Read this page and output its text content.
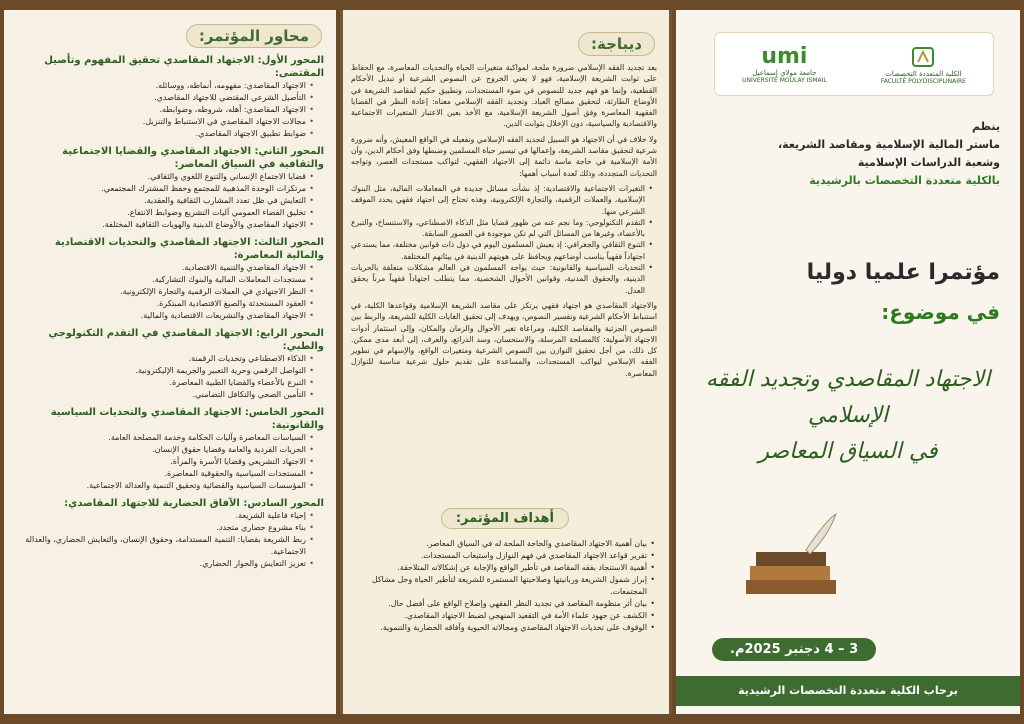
الكلية المتعددة التخصصات
FACULTÉ POLYDISCIPLINAIRE
umi
جامعة مولاي إسماعيل
UNIVERSITÉ MOULAY ISMAIL

ينظم

ماستر المالية الإسلامية ومقاصد الشريعة،

وشعبة الدراسات الإسلامية

بالكلية متعددة التخصصات بالرشيدية

مؤتمرا علميا دوليا
في موضوع:
الاجتهاد المقاصدي وتجديد الفقه الإسلامي
في السياق المعاصر
3 – 4 دجنبر 2025م.
برحاب الكلية متعددة التخصصات الرشيدية
ديباجة:

يعد تجديد الفقه الإسلامي ضرورة ملحة، لمواكبة متغيرات الحياة والتحديات المعاصرة، مع الحفاظ على ثوابت الشريعة الإسلامية، فهو لا يعني الخروج عن النصوص الشرعية أو تبديل الأحكام القطعية، وإنما هو فهم جديد للنصوص في ضوء المستجدات، وتطبيق حكيم لمقاصد الشريعة في الأوضاع الطارئة، لتحقيق مصالح العباد. وتجديد الفقه الإسلامي معناه: إعادة النظر في القضايا الفقهية المعاصرة وفق أصول الشريعة الإسلامية، مع الأخذ بعين الاعتبار المتغيرات الاجتماعية والاقتصادية والسياسية، دون الإخلال بثوابت الدين.

ولا خلاف في أن الاجتهاد هو السبيل لتجديد الفقه الإسلامي وتفعيله في الواقع المعيش، وأنه ضرورة شرعية لتحقيق مقاصد الشريعة، وإعمالها في تيسير حياة المسلمين وضبطها وفق أحكام الدين، وأن الأمة الإسلامية في حاجة ماسة دائمة إلى الاجتهاد الفقهي، لتواكب مستجدات العصر، وتواجه التحديات المتجددة، وذلك لعدة أسباب أهمها:

• التغيرات الاجتماعية والاقتصادية: إذ نشأت مسائل جديدة في المعاملات المالية، مثل البنوك الإسلامية، والعملات الرقمية، والتجارة الإلكترونية، وهذه تحتاج إلى اجتهاد فقهي يحدد الموقف الشرعي منها.
• التقدم التكنولوجي: وما نجم عنه من ظهور قضايا مثل الذكاء الاصطناعي، والاستنساخ، والتبرع بالأعضاء، وغيرها من المسائل التي لم تكن موجودة في العصور السابقة.
• التنوع الثقافي والجغرافي: إذ يعيش المسلمون اليوم في دول ذات قوانين مختلفة، مما يستدعي اجتهاداً فقهياً يناسب أوضاعهم ويحافظ على هويتهم الدينية في بيئاتهم المختلفة.
• التحديات السياسية والقانونية: حيث يواجه المسلمون في العالم مشكلات متعلقة بالحريات الدينية، والحقوق المدنية، وقوانين الأحوال الشخصية، مما يتطلب اجتهاداً فقهياً مرناً يحقق العدل.

والاجتهاد المقاصدي هو اجتهاد فقهي يرتكز على مقاصد الشريعة الإسلامية وقواعدها الكلية، في استنباط الأحكام الشرعية وتفسير النصوص، ويهدف إلى تحقيق الغايات الكلية للشريعة، والربط بين النصوص الجزئية والمقاصد الكلية، ومراعاة تغير الأحوال والزمان والمكان، وإلى استثمار أدوات الاجتهاد الأصولية: كالمصلحة المرسلة، والاستحسان، وسد الذرائع، والعرف، إلى أبعد مدى ممكن. كل ذلك، من أجل تحقيق التوازن بين النصوص الشرعية ومتغيرات الواقع، والإسهام في تطوير الفقه الإسلامي ليواكب المستجدات، والمساعدة على تقديم حلول شرعية مناسبة للنوازل المعاصرة.

أهداف المؤتمر:
• بيان أهمية الاجتهاد المقاصدي والحاجة الملحة له في السياق المعاصر.
• تقرير قواعد الاجتهاد المقاصدي في فهم النوازل واستيعاب المستجدات.
• أهمية الاستنجاد بفقه المقاصد في تأطير الواقع والإجابة عن إشكالاته المتلاحقة.
• إبراز شمول الشريعة وربانيتها وصلاحيتها المستمرة للشريعة لتأطير الحياة وحل مشاكل المجتمعات.
• بيان أثر منظومة المقاصد في تجديد النظر الفقهي وإصلاح الواقع على أفضل حال.
• الكشف عن جهود علماء الأمة في التقعيد المنهجي لضبط الاجتهاد المقاصدي.
• الوقوف على تحديات الاجتهاد المقاصدي ومجالاته الحيوية وآفاقه الحضارية والتنموية.
محاور المؤتمر:
المحور الأول: الاجتهاد المقاصدي تحقيق المفهوم وتأصيل المقتضى:
• الاجتهاد المقاصدي: مفهومه، أنماطه، ووسائله.
• التأصيل الشرعي المقتضي للاجتهاد المقاصدي.
• الاجتهاد المقاصدي: أهله، شروطه، وضوابطه.
• مجالات الاجتهاد المقاصدي في الاستنباط والتنزيل.
• ضوابط تطبيق الاجتهاد المقاصدي.
المحور الثاني: الاجتهاد المقاصدي والقضايا الاجتماعية والثقافية في السياق المعاصر:
• قضايا الاجتماع الإنساني والتنوع اللغوي والثقافي.
• مرتكزات الوحدة المذهبية للمجتمع وحفظ المشترك المجتمعي.
• التعايش في ظل تعدد المشارب الثقافية والعقدية.
• تخليق الفضاء العمومي آليات التشريع وضوابط الانتفاع.
• الاجتهاد المقاصدي والأوضاع الدينية والهويات الثقافية المختلفة.
المحور الثالث: الاجتهاد المقاصدي والتحديات الاقتصادية والمالية المعاصرة:
• الاجتهاد المقاصدي والتنمية الاقتصادية.
• مستجدات المعاملات المالية والبنوك التشاركية.
• النظر الاجتهادي في العملات الرقمية والتجارة الإلكترونية.
• العقود المستحدثة والصيغ الاقتصادية المبتكرة.
• الاجتهاد المقاصدي والتشريعات الاقتصادية والمالية.
المحور الرابع: الاجتهاد المقاصدي في التقدم التكنولوجي والطبي:
• الذكاء الاصطناعي وتحديات الرقمنة.
• التواصل الرقمي وحرية التعبير والجريمة الإليكترونية.
• التبرع بالأعضاء والقضايا الطبية المعاصرة.
• التأمين الصحي والتكافل التضامني.
المحور الخامس: الاجتهاد المقاصدي والتحديات السياسية والقانونية:
• السياسات المعاصرة وآليات الحكامة وخدمة المصلحة العامة.
• الحريات الفردية والعامة وقضايا حقوق الإنسان.
• الاجتهاد التشريعي وقضايا الأسرة والمرأة.
• المستجدات السياسية والحقوقية المعاصرة.
• المؤسسات السياسية والقضائية وتحقيق التنمية والعدالة الاجتماعية.
المحور السادس: الآفاق الحضارية للاجتهاد المقاصدي:
• إحياء فاعلية الشريعة.
• بناء مشروع حضاري متجدد.
• ربط الشريعة بقضايا: التنمية المستدامة، وحقوق الإنسان، والتعايش الحضاري، والعدالة الاجتماعية.
• تعزيز التعايش والحوار الحضاري.
